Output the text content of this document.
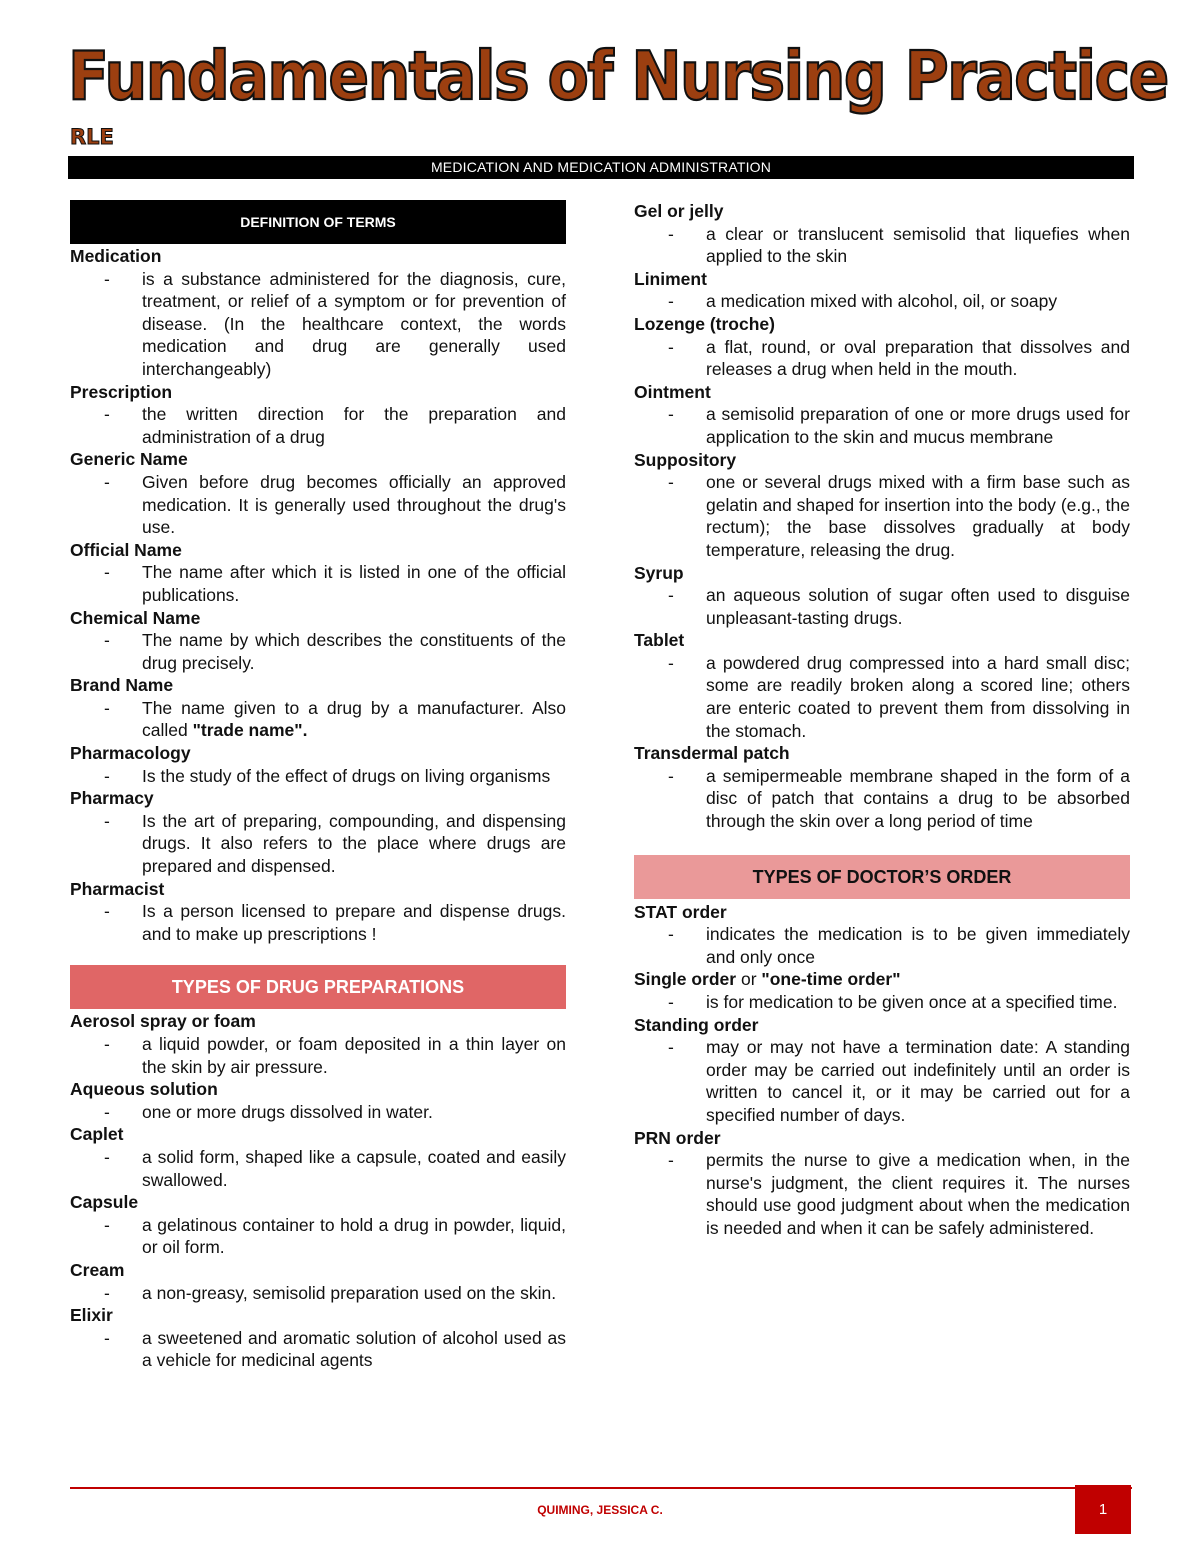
Fundamentals of Nursing Practice
RLE
MEDICATION AND MEDICATION ADMINISTRATION
DEFINITION OF TERMS
Medication
- is a substance administered for the diagnosis, cure, treatment, or relief of a symptom or for prevention of disease. (In the healthcare context, the words medication and drug are generally used interchangeably)
Prescription
- the written direction for the preparation and administration of a drug
Generic Name
- Given before drug becomes officially an approved medication. It is generally used throughout the drug's use.
Official Name
- The name after which it is listed in one of the official publications.
Chemical Name
- The name by which describes the constituents of the drug precisely.
Brand Name
- The name given to a drug by a manufacturer. Also called "trade name".
Pharmacology
- Is the study of the effect of drugs on living organisms
Pharmacy
- Is the art of preparing, compounding, and dispensing drugs. It also refers to the place where drugs are prepared and dispensed.
Pharmacist
- Is a person licensed to prepare and dispense drugs. and to make up prescriptions !
TYPES OF DRUG PREPARATIONS
Aerosol spray or foam
- a liquid powder, or foam deposited in a thin layer on the skin by air pressure.
Aqueous solution
- one or more drugs dissolved in water.
Caplet
- a solid form, shaped like a capsule, coated and easily swallowed.
Capsule
- a gelatinous container to hold a drug in powder, liquid, or oil form.
Cream
- a non-greasy, semisolid preparation used on the skin.
Elixir
- a sweetened and aromatic solution of alcohol used as a vehicle for medicinal agents
Gel or jelly
- a clear or translucent semisolid that liquefies when applied to the skin
Liniment
- a medication mixed with alcohol, oil, or soapy
Lozenge (troche)
- a flat, round, or oval preparation that dissolves and releases a drug when held in the mouth.
Ointment
- a semisolid preparation of one or more drugs used for application to the skin and mucus membrane
Suppository
- one or several drugs mixed with a firm base such as gelatin and shaped for insertion into the body (e.g., the rectum); the base dissolves gradually at body temperature, releasing the drug.
Syrup
- an aqueous solution of sugar often used to disguise unpleasant-tasting drugs.
Tablet
- a powdered drug compressed into a hard small disc; some are readily broken along a scored line; others are enteric coated to prevent them from dissolving in the stomach.
Transdermal patch
- a semipermeable membrane shaped in the form of a disc of patch that contains a drug to be absorbed through the skin over a long period of time
TYPES OF DOCTOR’S ORDER
STAT order
- indicates the medication is to be given immediately and only once
Single order or "one-time order"
- is for medication to be given once at a specified time.
Standing order
- may or may not have a termination date: A standing order may be carried out indefinitely until an order is written to cancel it, or it may be carried out for a specified number of days.
PRN order
- permits the nurse to give a medication when, in the nurse's judgment, the client requires it. The nurses should use good judgment about when the medication is needed and when it can be safely administered.
QUIMING, JESSICA C.	1
